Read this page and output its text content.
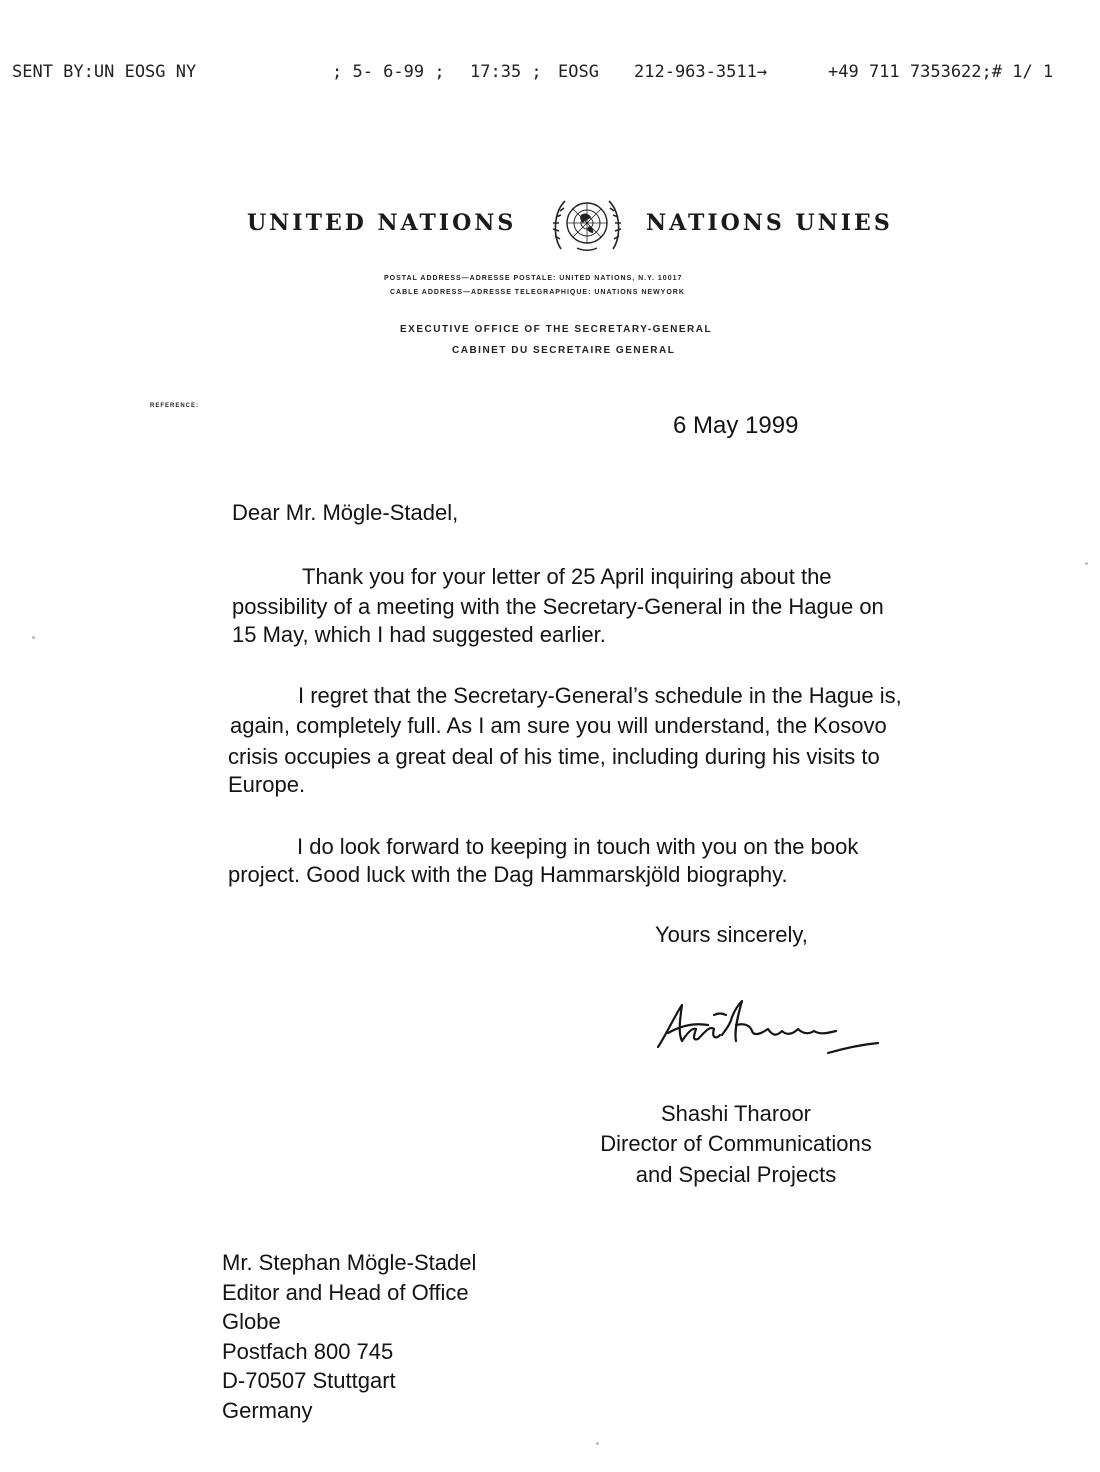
SENT BY:UN EOSG NY	; 5- 6-99 ; 17:35 ; EOSG 212-963-3511→	+49 711 7353622;# 1/ 1
UNITED NATIONS	NATIONS UNIES
POSTAL ADDRESS—ADRESSE POSTALE: UNITED NATIONS, N.Y. 10017
CABLE ADDRESS—ADRESSE TELEGRAPHIQUE: UNATIONS NEWYORK
EXECUTIVE OFFICE OF THE SECRETARY-GENERAL
CABINET DU SECRETAIRE GENERAL
REFERENCE:
6 May 1999
Dear Mr. Mögle-Stadel,
Thank you for your letter of 25 April inquiring about the
possibility of a meeting with the Secretary-General in the Hague on
15 May, which I had suggested earlier.
I regret that the Secretary-General’s schedule in the Hague is,
again, completely full. As I am sure you will understand, the Kosovo
crisis occupies a great deal of his time, including during his visits to
Europe.
I do look forward to keeping in touch with you on the book
project. Good luck with the Dag Hammarskjöld biography.
Yours sincerely,
Shashi Tharoor
Director of Communications
and Special Projects
Mr. Stephan Mögle-Stadel
Editor and Head of Office
Globe
Postfach 800 745
D-70507 Stuttgart
Germany
